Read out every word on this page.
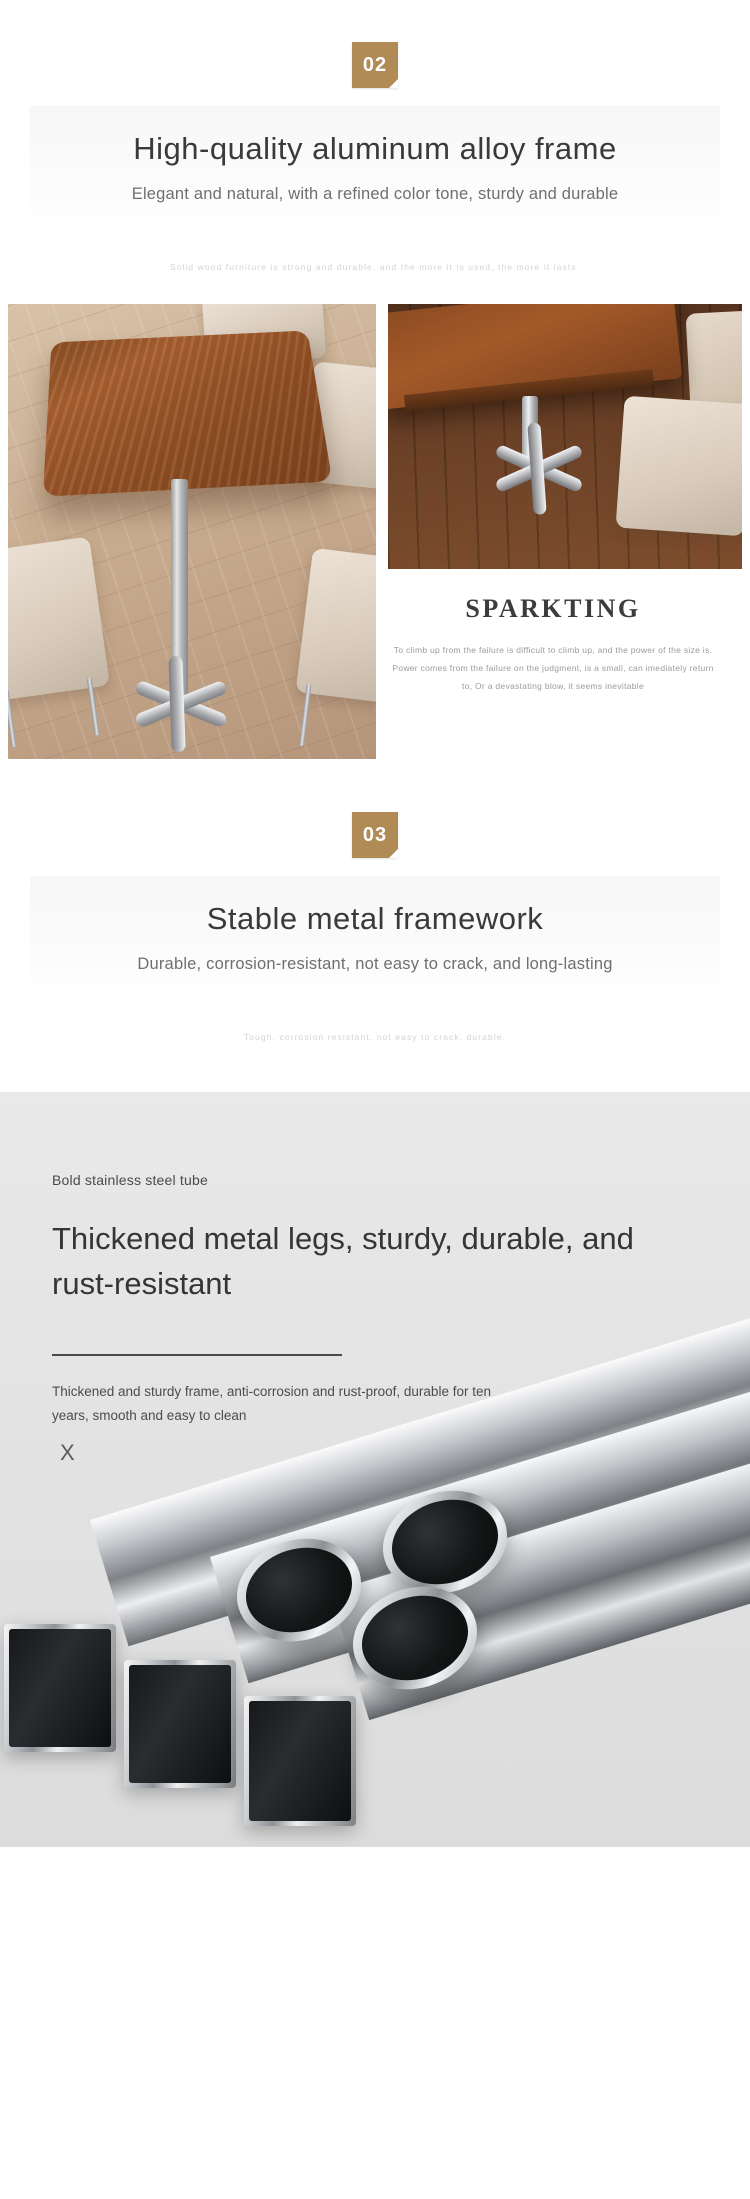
02
High-quality aluminum alloy frame

Elegant and natural, with a refined color tone, sturdy and durable

Solid wood furniture is strong and durable, and the more it is used, the more it lasts.

SPARKTING

To climb up from the failure is difficult to climb up, and the power of the size is. Power comes from the failure on the judgment, is a small, can imediately return to, Or a devastating blow, it seems inevitable

03
Stable metal framework

Durable, corrosion-resistant, not easy to crack, and long-lasting

Tough, corrosion resistant, not easy to crack, durable.

Bold stainless steel tube

Thickened metal legs, sturdy, durable, and rust-resistant

Thickened and sturdy frame, anti-corrosion and rust-proof, durable for ten years, smooth and easy to clean

X
